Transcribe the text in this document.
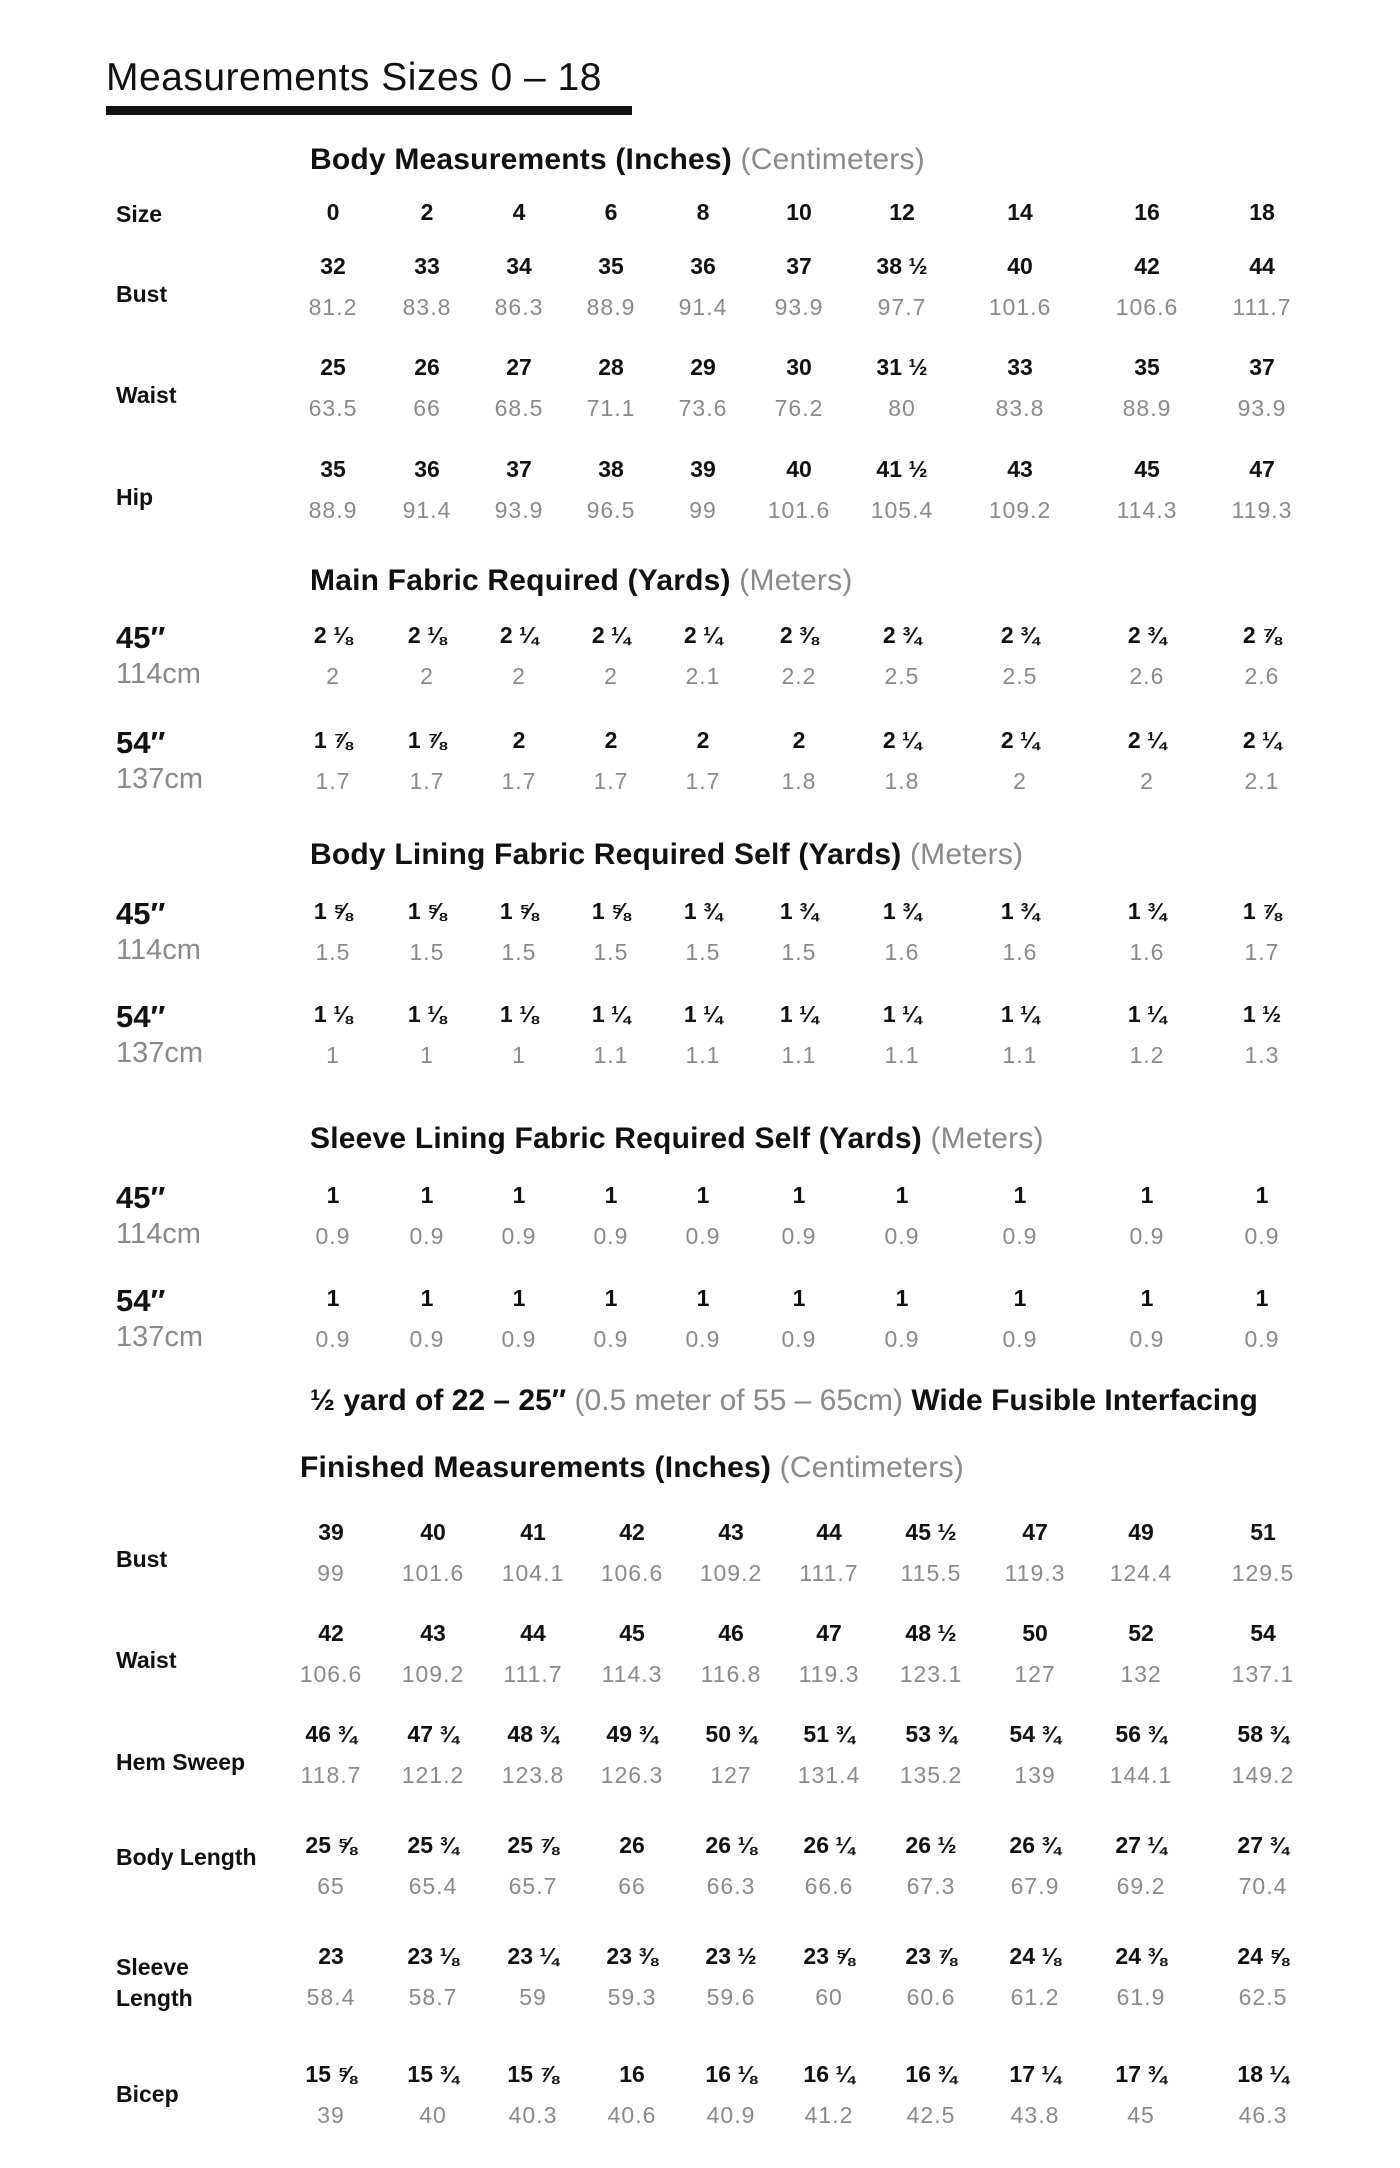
Measurements Sizes 0 – 18
Body Measurements (Inches) (Centimeters)
Size	0	2	4	6	8	10	12	14	16	18
Bust
32	33	34	35	36	37	38 ½	40	42	44
81.2	83.8	86.3	88.9	91.4	93.9	97.7	101.6	106.6	111.7
Waist
25	26	27	28	29	30	31 ½	33	35	37
63.5	66	68.5	71.1	73.6	76.2	80	83.8	88.9	93.9
Hip
35	36	37	38	39	40	41 ½	43	45	47
88.9	91.4	93.9	96.5	99	101.6	105.4	109.2	114.3	119.3
Main Fabric Required (Yards) (Meters)
45″
114cm
2 ⅛	2 ⅛	2 ¼	2 ¼	2 ¼	2 ⅜	2 ¾	2 ¾	2 ¾	2 ⅞
2	2	2	2	2.1	2.2	2.5	2.5	2.6	2.6
54″
137cm
1 ⅞	1 ⅞	2	2	2	2	2 ¼	2 ¼	2 ¼	2 ¼
1.7	1.7	1.7	1.7	1.7	1.8	1.8	2	2	2.1
Body Lining Fabric Required Self (Yards) (Meters)
45″
114cm
1 ⅝	1 ⅝	1 ⅝	1 ⅝	1 ¾	1 ¾	1 ¾	1 ¾	1 ¾	1 ⅞
1.5	1.5	1.5	1.5	1.5	1.5	1.6	1.6	1.6	1.7
54″
137cm
1 ⅛	1 ⅛	1 ⅛	1 ¼	1 ¼	1 ¼	1 ¼	1 ¼	1 ¼	1 ½
1	1	1	1.1	1.1	1.1	1.1	1.1	1.2	1.3
Sleeve Lining Fabric Required Self (Yards) (Meters)
45″
114cm
1	1	1	1	1	1	1	1	1	1
0.9	0.9	0.9	0.9	0.9	0.9	0.9	0.9	0.9	0.9
54″
137cm
1	1	1	1	1	1	1	1	1	1
0.9	0.9	0.9	0.9	0.9	0.9	0.9	0.9	0.9	0.9
½ yard of 22 – 25″ (0.5 meter of 55 – 65cm) Wide Fusible Interfacing
Finished Measurements (Inches) (Centimeters)
Bust
39	40	41	42	43	44	45 ½	47	49	51
99	101.6	104.1	106.6	109.2	111.7	115.5	119.3	124.4	129.5
Waist
42	43	44	45	46	47	48 ½	50	52	54
106.6	109.2	111.7	114.3	116.8	119.3	123.1	127	132	137.1
Hem Sweep
46 ¾	47 ¾	48 ¾	49 ¾	50 ¾	51 ¾	53 ¾	54 ¾	56 ¾	58 ¾
118.7	121.2	123.8	126.3	127	131.4	135.2	139	144.1	149.2
Body Length	25 ⅝	25 ¾	25 ⅞	26	26 ⅛	26 ¼	26 ½	26 ¾	27 ¼	27 ¾
65	65.4	65.7	66	66.3	66.6	67.3	67.9	69.2	70.4
Sleeve Length
23	23 ⅛	23 ¼	23 ⅜	23 ½	23 ⅝	23 ⅞	24 ⅛	24 ⅜	24 ⅝
58.4	58.7	59	59.3	59.6	60	60.6	61.2	61.9	62.5
Bicep
15 ⅝	15 ¾	15 ⅞	16	16 ⅛	16 ¼	16 ¾	17 ¼	17 ¾	18 ¼
39	40	40.3	40.6	40.9	41.2	42.5	43.8	45	46.3
